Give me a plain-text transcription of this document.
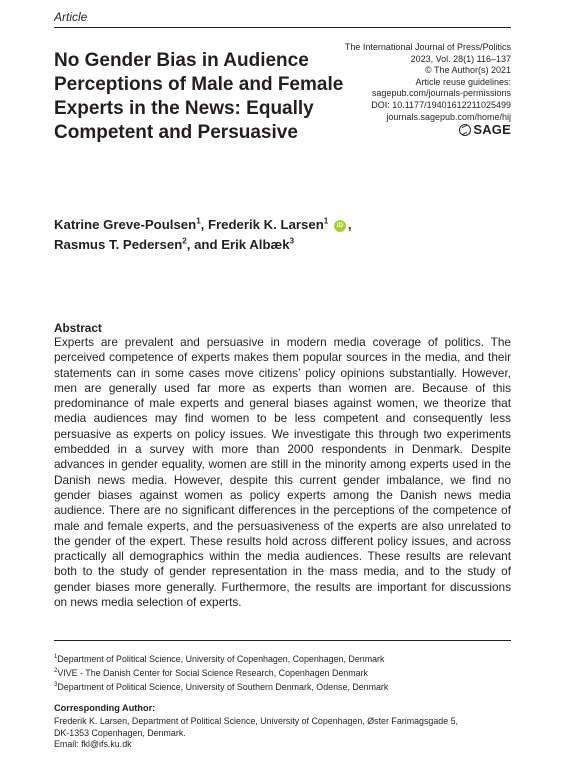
Article
No Gender Bias in Audience Perceptions of Male and Female Experts in the News: Equally Competent and Persuasive
The International Journal of Press/Politics
2023, Vol. 28(1) 116–137
© The Author(s) 2021
Article reuse guidelines:
sagepub.com/journals-permissions
DOI: 10.1177/19401612211025499
journals.sagepub.com/home/hij
SAGE

Katrine Greve-Poulsen$^1$, Frederik K. Larsen$^1$ iD , Rasmus T. Pedersen$^2$, and Erik Albæk$^3$

Abstract

Experts are prevalent and persuasive in modern media coverage of politics. The perceived competence of experts makes them popular sources in the media, and their statements can in some cases move citizens’ policy opinions substantially. However, men are generally used far more as experts than women are. Because of this predominance of male experts and general biases against women, we theorize that media audiences may find women to be less competent and consequently less persuasive as experts on policy issues. We investigate this through two experiments embedded in a survey with more than 2000 respondents in Denmark. Despite advances in gender equality, women are still in the minority among experts used in the Danish news media. However, despite this current gender imbalance, we find no gender biases against women as policy experts among the Danish news media audience. There are no significant differences in the perceptions of the competence of male and female experts, and the persuasiveness of the experts are also unrelated to the gender of the expert. These results hold across different policy issues, and across practically all demographics within the media audiences. These results are relevant both to the study of gender representation in the mass media, and to the study of gender biases more generally. Furthermore, the results are important for discussions on news media selection of experts.

$^1$Department of Political Science, University of Copenhagen, Copenhagen, Denmark
$^2$VIVE - The Danish Center for Social Science Research, Copenhagen Denmark
$^3$Department of Political Science, University of Southern Denmark, Odense, Denmark
Corresponding Author:
Frederik K. Larsen, Department of Political Science, University of Copenhagen, Øster Farimagsgade 5,
DK-1353 Copenhagen, Denmark.
Email: fkl@ifs.ku.dk
